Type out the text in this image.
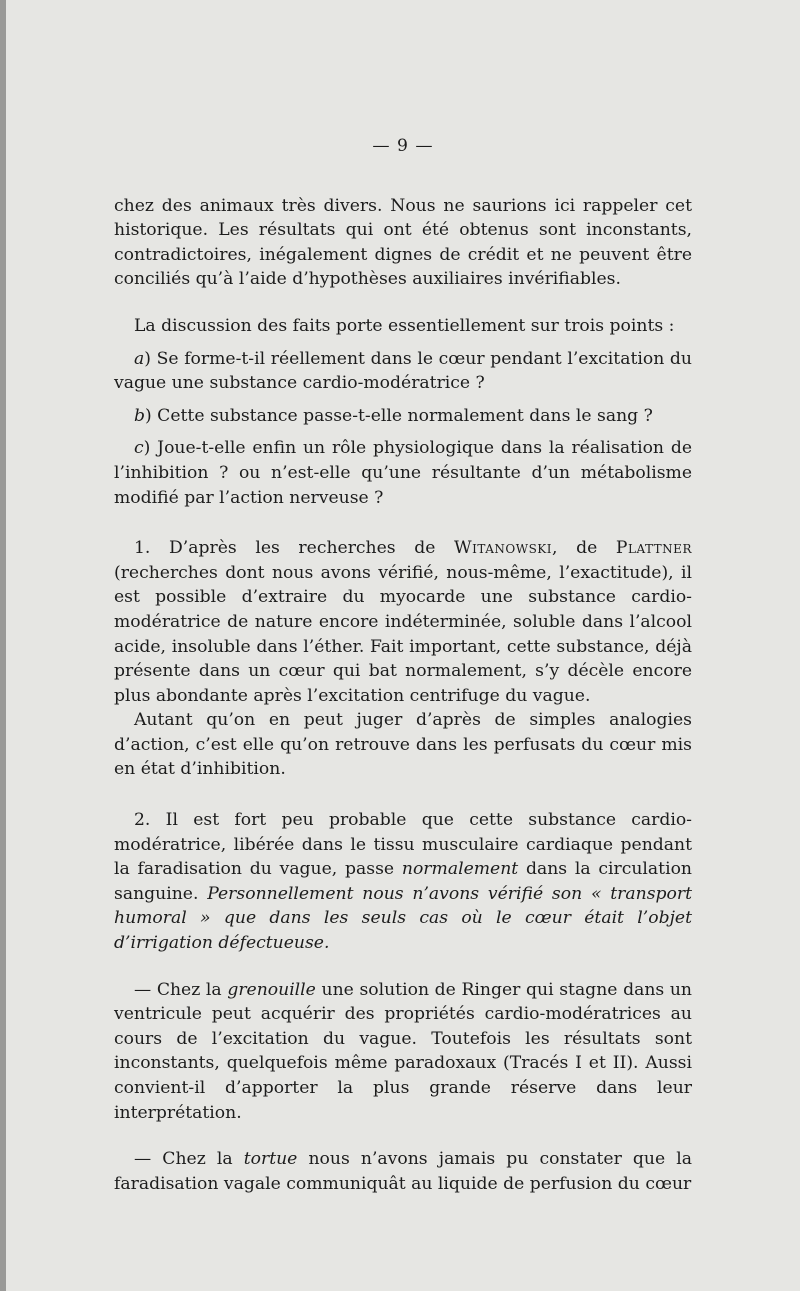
— 9 —

chez des animaux très divers. Nous ne saurions ici rappeler cet historique. Les résultats qui ont été obtenus sont inconstants, contradictoires, inégalement dignes de crédit et ne peuvent être conciliés qu’à l’aide d’hypothèses auxiliaires invérifiables.

La discussion des faits porte essentiellement sur trois points :

a) Se forme-t-il réellement dans le cœur pendant l’excitation du vague une substance cardio-modératrice ?

b) Cette substance passe-t-elle normalement dans le sang ?

c) Joue-t-elle enfin un rôle physiologique dans la réalisation de l’inhibition ? ou n’est-elle qu’une résultante d’un métabolisme modifié par l’action nerveuse ?

1. D’après les recherches de Witanowski, de Plattner (recherches dont nous avons vérifié, nous-même, l’exactitude), il est possible d’extraire du myocarde une substance cardio-modératrice de nature encore indéterminée, soluble dans l’alcool acide, insoluble dans l’éther. Fait important, cette substance, déjà présente dans un cœur qui bat normalement, s’y décèle encore plus abondante après l’excitation centrifuge du vague.

Autant qu’on en peut juger d’après de simples analogies d’action, c’est elle qu’on retrouve dans les perfusats du cœur mis en état d’inhibition.

2. Il est fort peu probable que cette substance cardio-modératrice, libérée dans le tissu musculaire cardiaque pendant la faradisation du vague, passe normalement dans la circulation sanguine. Personnellement nous n’avons vérifié son « transport humoral » que dans les seuls cas où le cœur était l’objet d’irrigation défectueuse.

— Chez la grenouille une solution de Ringer qui stagne dans un ventricule peut acquérir des propriétés cardio-modératrices au cours de l’excitation du vague. Toutefois les résultats sont inconstants, quelquefois même paradoxaux (Tracés I et II). Aussi convient-il d’apporter la plus grande réserve dans leur interprétation.

— Chez la tortue nous n’avons jamais pu constater que la faradisation vagale communiquât au liquide de perfusion du cœur
